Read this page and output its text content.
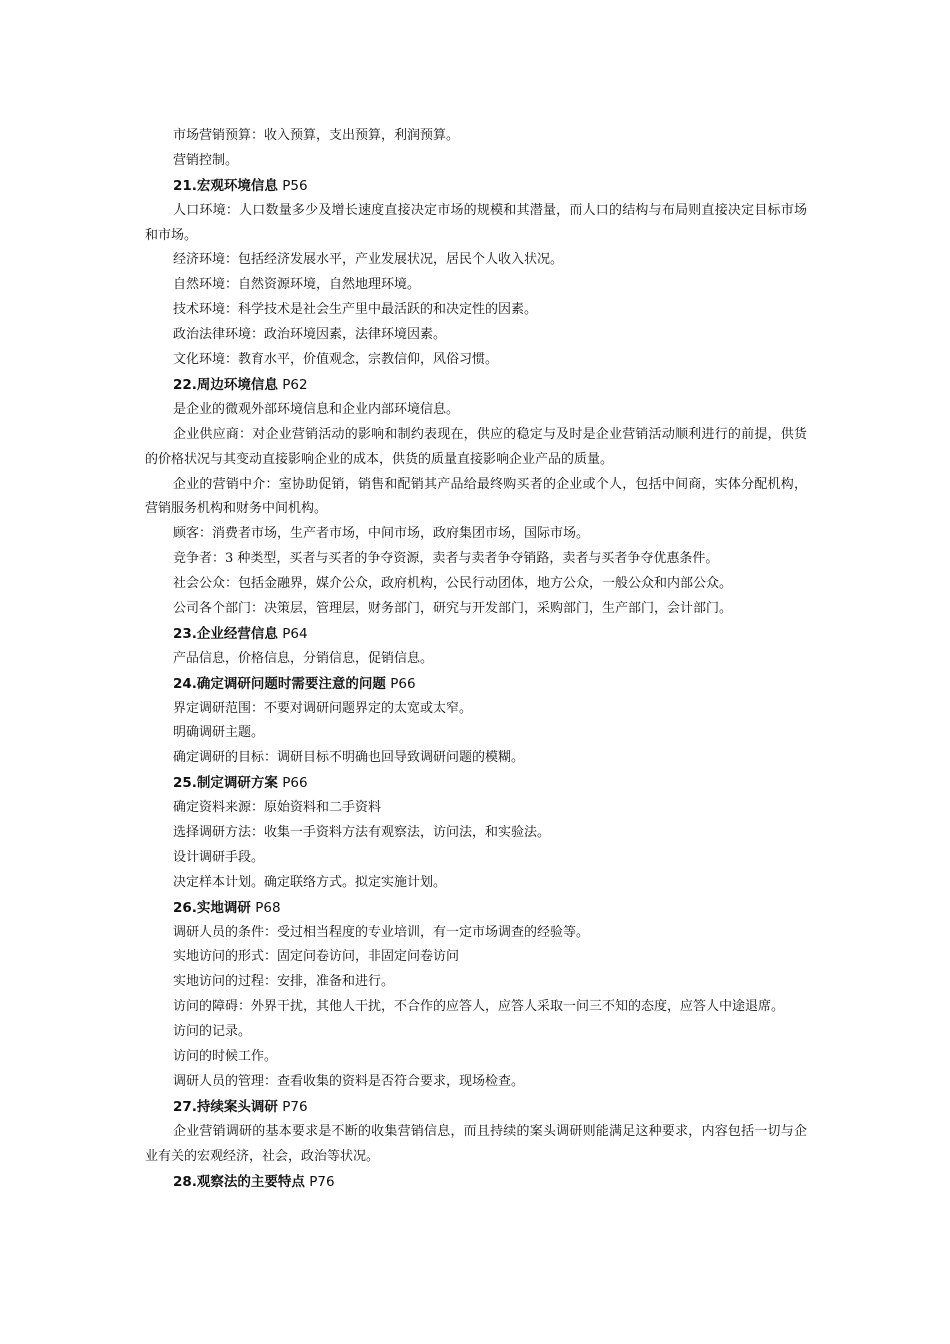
市场营销预算：收入预算，支出预算，利润预算。
营销控制。
21.宏观环境信息 P56
人口环境：人口数量多少及增长速度直接决定市场的规模和其潜量，而人口的结构与布局则直接决定目标市场和市场。
经济环境：包括经济发展水平，产业发展状况，居民个人收入状况。
自然环境：自然资源环境，自然地理环境。
技术环境：科学技术是社会生产里中最活跃的和决定性的因素。
政治法律环境：政治环境因素，法律环境因素。
文化环境：教育水平，价值观念，宗教信仰，风俗习惯。
22.周边环境信息 P62
是企业的微观外部环境信息和企业内部环境信息。
企业供应商：对企业营销活动的影响和制约表现在，供应的稳定与及时是企业营销活动顺利进行的前提，供货的价格状况与其变动直接影响企业的成本，供货的质量直接影响企业产品的质量。
企业的营销中介：室协助促销，销售和配销其产品给最终购买者的企业或个人，包括中间商，实体分配机构，营销服务机构和财务中间机构。
顾客：消费者市场，生产者市场，中间市场，政府集团市场，国际市场。
竞争者：3 种类型，买者与买者的争夺资源，卖者与卖者争夺销路，卖者与买者争夺优惠条件。
社会公众：包括金融界，媒介公众，政府机构，公民行动团体，地方公众，一般公众和内部公众。
公司各个部门：决策层，管理层，财务部门，研究与开发部门，采购部门，生产部门，会计部门。
23.企业经营信息 P64
产品信息，价格信息，分销信息，促销信息。
24.确定调研问题时需要注意的问题 P66
界定调研范围：不要对调研问题界定的太宽或太窄。
明确调研主题。
确定调研的目标：调研目标不明确也回导致调研问题的模糊。
25.制定调研方案 P66
确定资料来源：原始资料和二手资料
选择调研方法：收集一手资料方法有观察法，访问法，和实验法。
设计调研手段。
决定样本计划。确定联络方式。拟定实施计划。
26.实地调研 P68
调研人员的条件：受过相当程度的专业培训，有一定市场调查的经验等。
实地访问的形式：固定问卷访问，非固定问卷访问
实地访问的过程：安排，准备和进行。
访问的障碍：外界干扰，其他人干扰，不合作的应答人，应答人采取一问三不知的态度，应答人中途退席。
访问的记录。
访问的时候工作。
调研人员的管理：查看收集的资料是否符合要求，现场检查。
27.持续案头调研 P76
企业营销调研的基本要求是不断的收集营销信息，而且持续的案头调研则能满足这种要求，内容包括一切与企业有关的宏观经济，社会，政治等状况。
28.观察法的主要特点 P76
